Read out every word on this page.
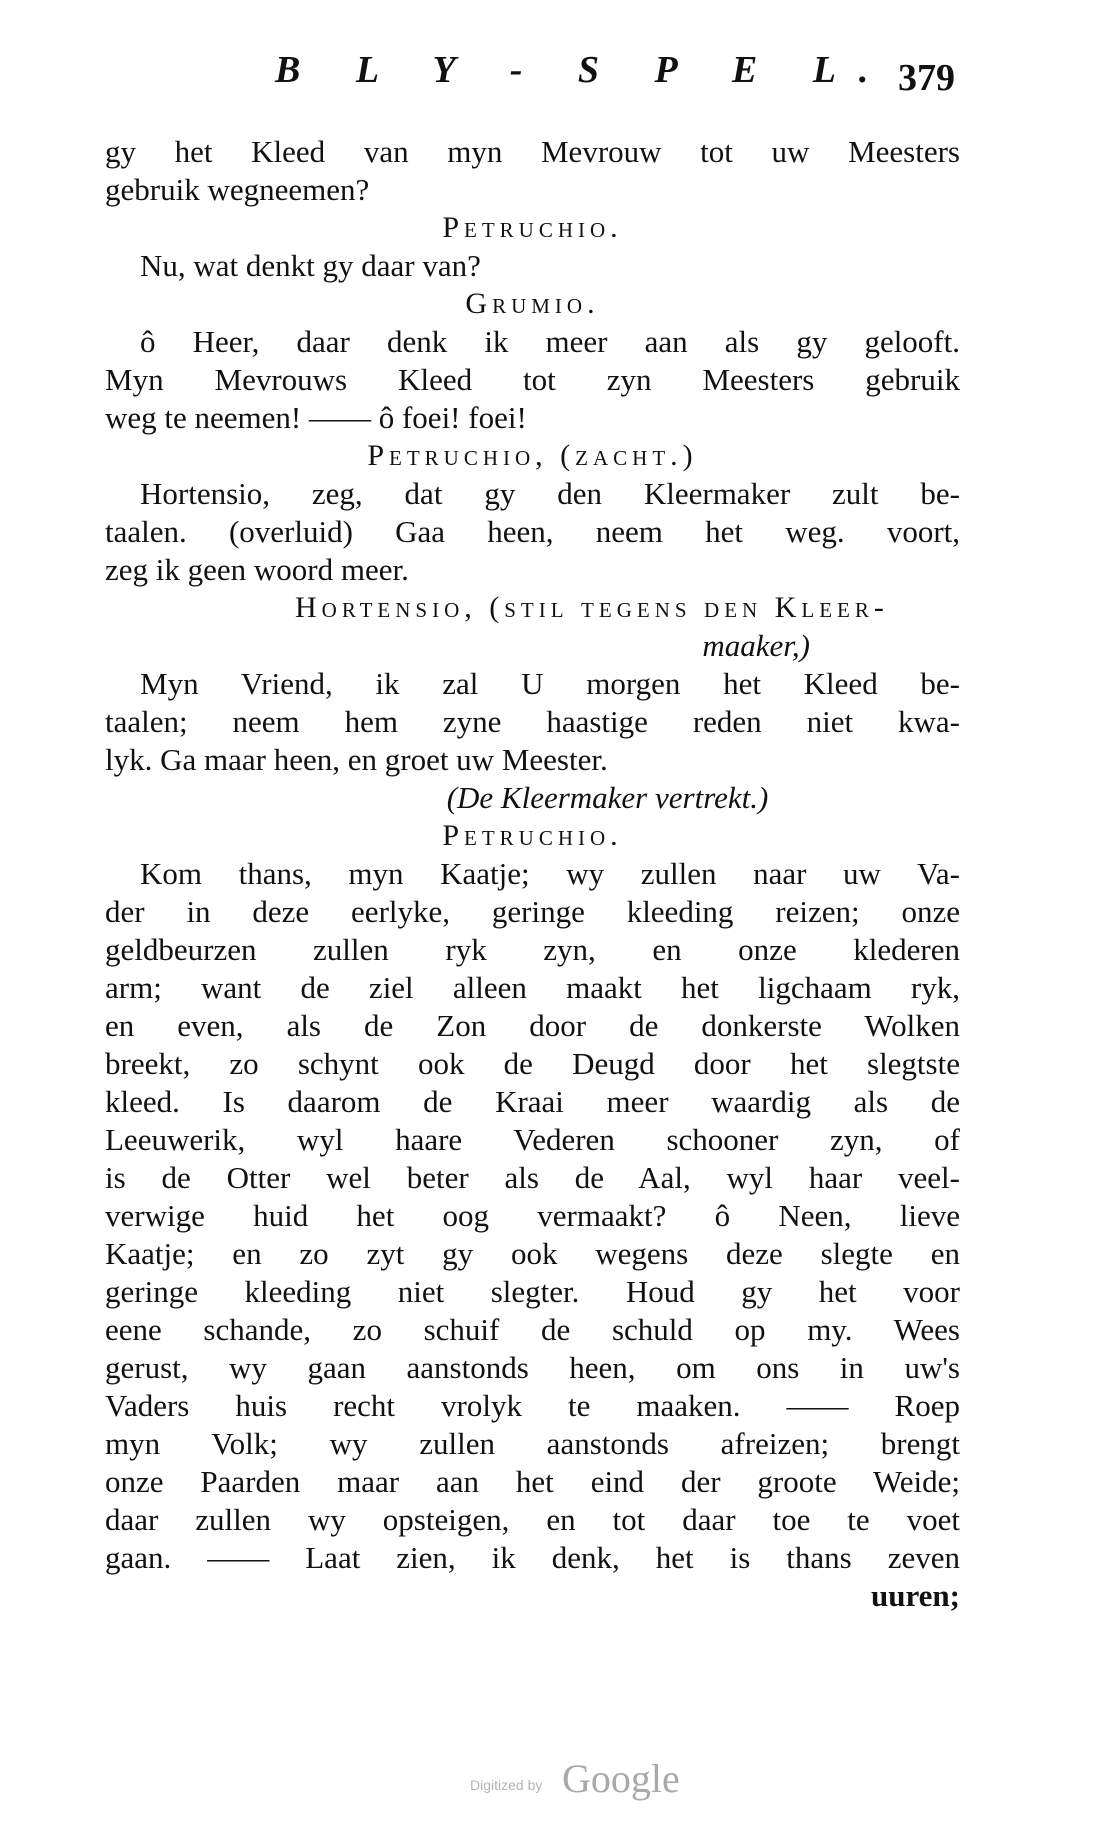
B L Y - S P E L. 379
gy het Kleed van myn Mevrouw tot uw Meesters
gebruik wegneemen?
Petruchio.
Nu, wat denkt gy daar van?
Grumio.
ô Heer, daar denk ik meer aan als gy gelooft.
Myn Mevrouws Kleed tot zyn Meesters gebruik
weg te neemen! —— ô foei! foei!
Petruchio, (zacht.)
Hortensio, zeg, dat gy den Kleermaker zult be-
taalen. (overluid) Gaa heen, neem het weg. voort,
zeg ik geen woord meer.
Hortensio, (stil tegens den Kleer-
maaker,)
Myn Vriend, ik zal U morgen het Kleed be-
taalen; neem hem zyne haastige reden niet kwa-
lyk. Ga maar heen, en groet uw Meester.
(De Kleermaker vertrekt.)
Petruchio.
Kom thans, myn Kaatje; wy zullen naar uw Va-
der in deze eerlyke, geringe kleeding reizen; onze
geldbeurzen zullen ryk zyn, en onze klederen
arm; want de ziel alleen maakt het ligchaam ryk,
en even, als de Zon door de donkerste Wolken
breekt, zo schynt ook de Deugd door het slegtste
kleed. Is daarom de Kraai meer waardig als de
Leeuwerik, wyl haare Vederen schooner zyn, of
is de Otter wel beter als de Aal, wyl haar veel-
verwige huid het oog vermaakt? ô Neen, lieve
Kaatje; en zo zyt gy ook wegens deze slegte en
geringe kleeding niet slegter. Houd gy het voor
eene schande, zo schuif de schuld op my. Wees
gerust, wy gaan aanstonds heen, om ons in uw's
Vaders huis recht vrolyk te maaken. —— Roep
myn Volk; wy zullen aanstonds afreizen; brengt
onze Paarden maar aan het eind der groote Weide;
daar zullen wy opsteigen, en tot daar toe te voet
gaan. —— Laat zien, ik denk, het is thans zeven
uuren;
Digitized by Google
